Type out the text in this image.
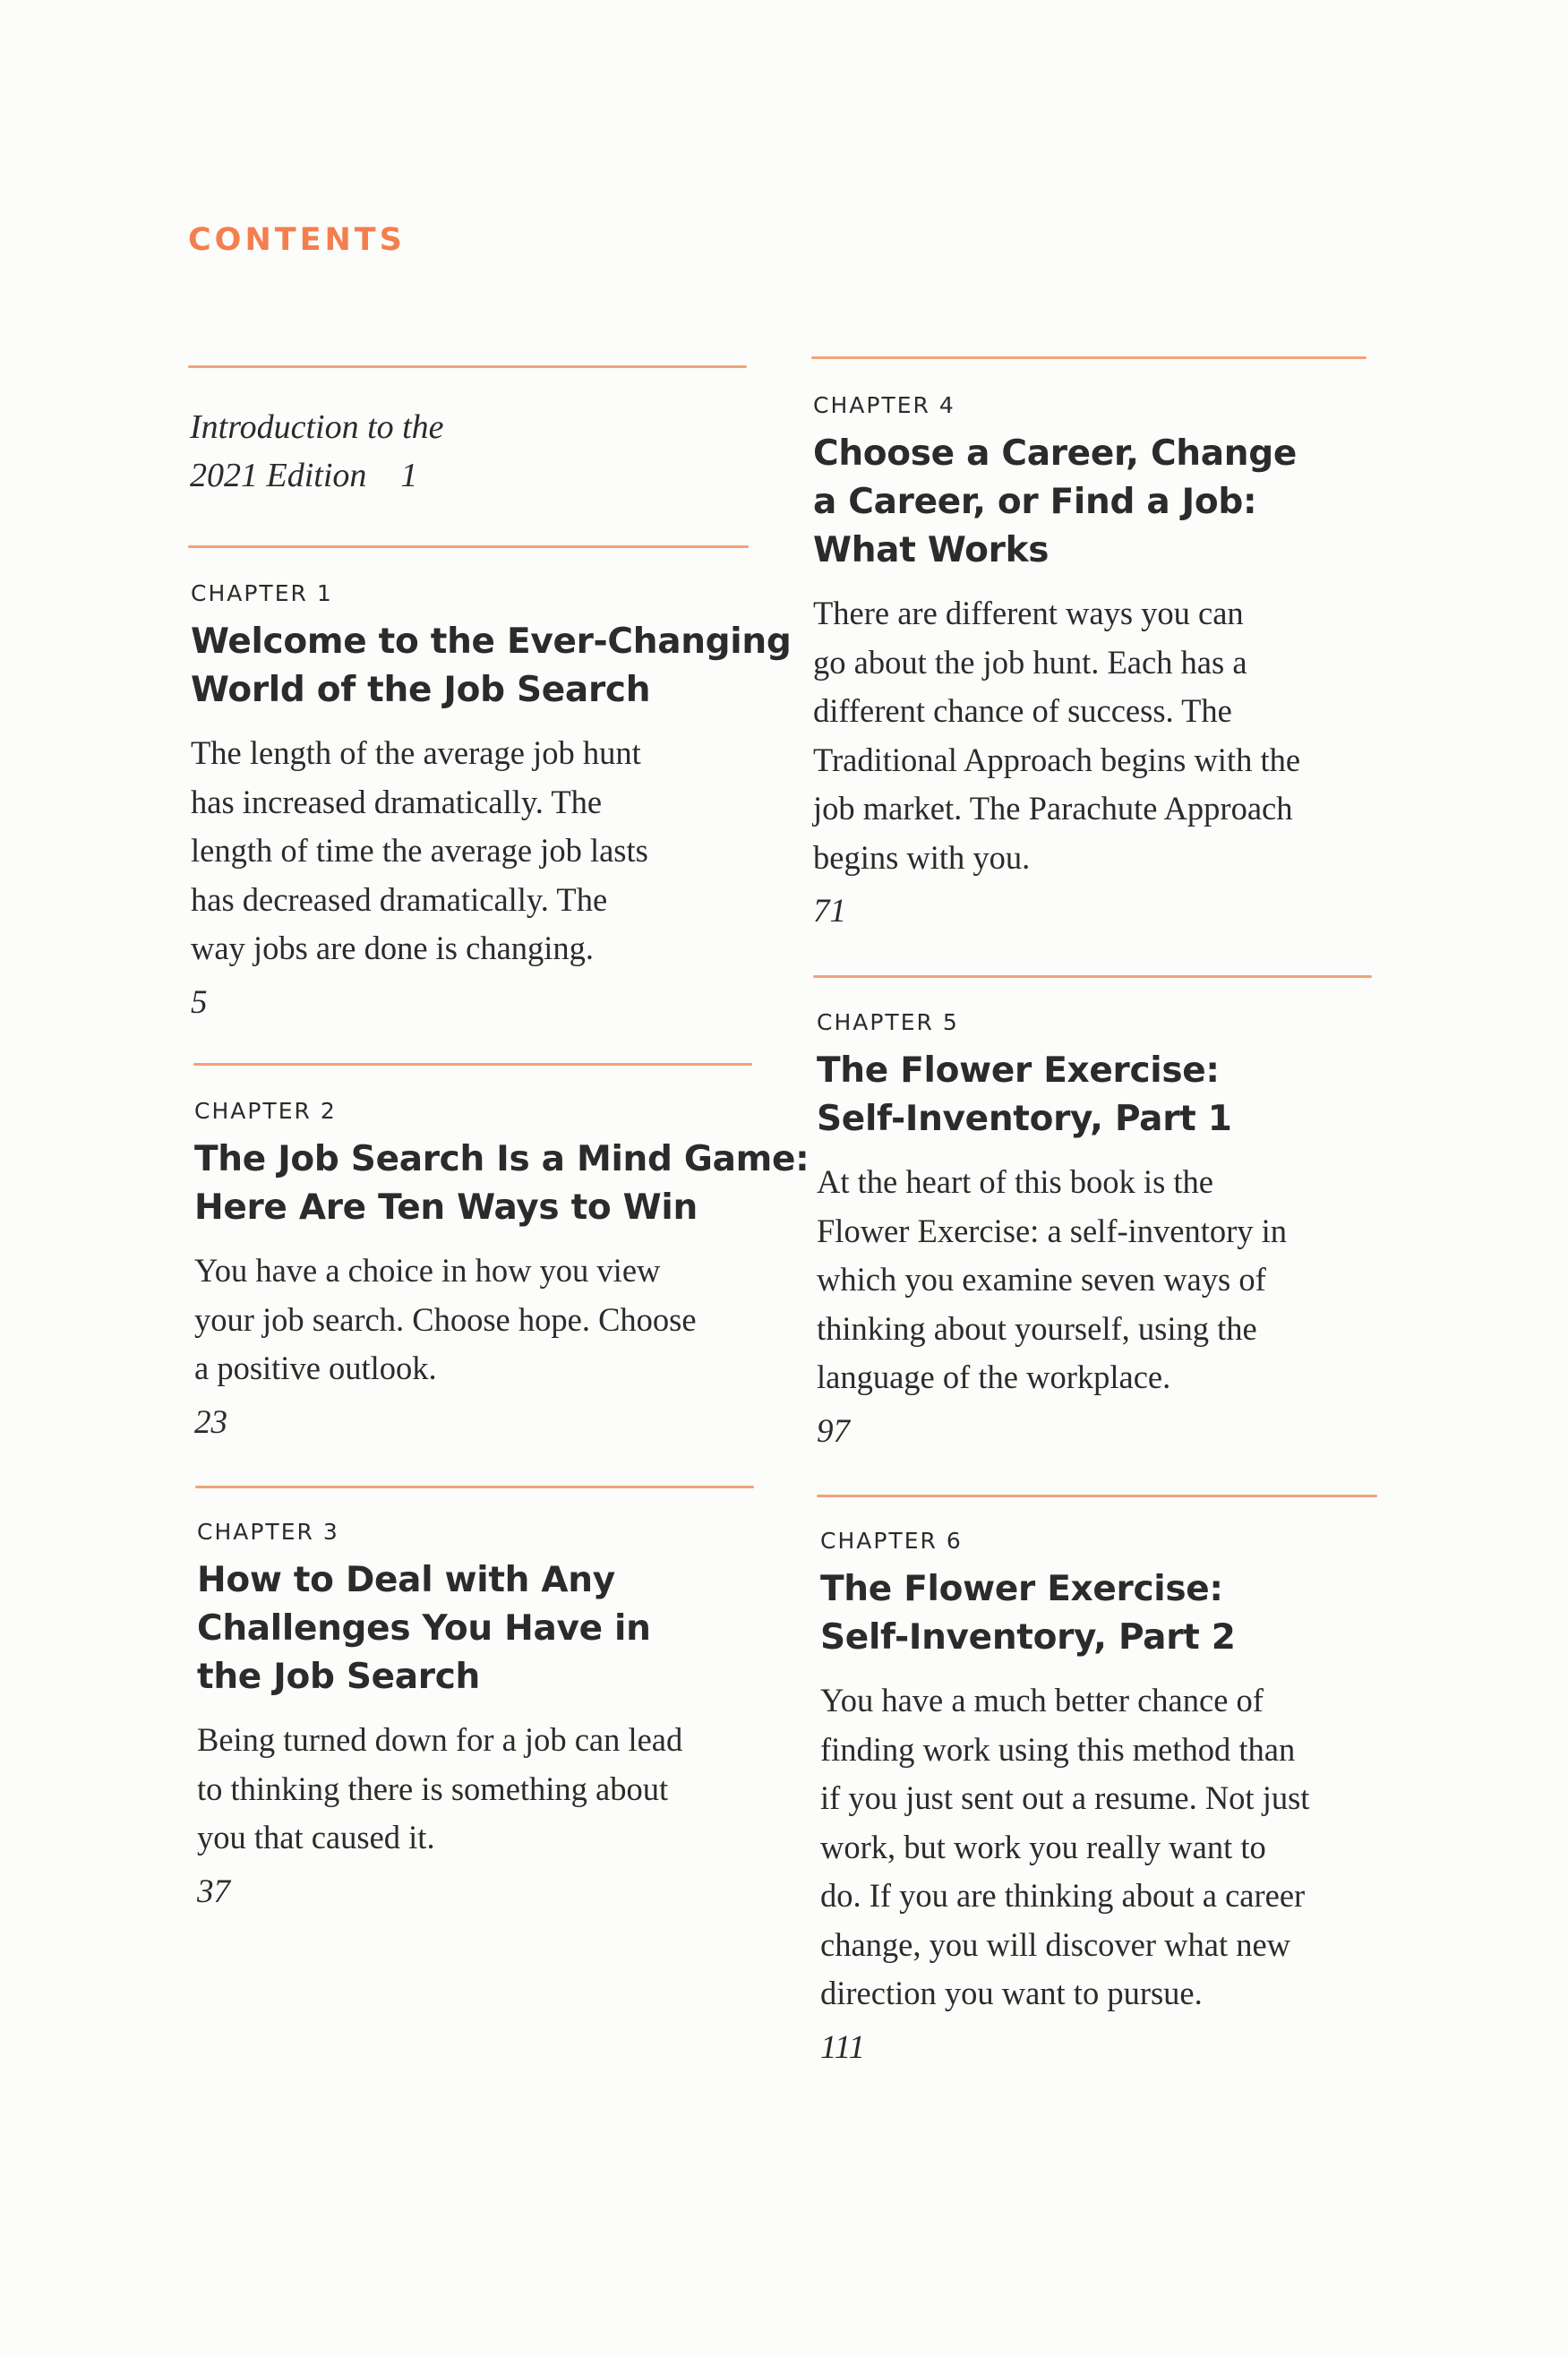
CONTENTS
Introduction to the
2021 Edition 1
CHAPTER 1
Welcome to the Ever-Changing
World of the Job Search
The length of the average job hunt
has increased dramatically. The
length of time the average job lasts
has decreased dramatically. The
way jobs are done is changing.
5
CHAPTER 2
The Job Search Is a Mind Game:
Here Are Ten Ways to Win
You have a choice in how you view
your job search. Choose hope. Choose
a positive outlook.
23
CHAPTER 3
How to Deal with Any
Challenges You Have in
the Job Search
Being turned down for a job can lead
to thinking there is something about
you that caused it.
37
CHAPTER 4
Choose a Career, Change
a Career, or Find a Job:
What Works
There are different ways you can
go about the job hunt. Each has a
different chance of success. The
Traditional Approach begins with the
job market. The Parachute Approach
begins with you.
71
CHAPTER 5
The Flower Exercise:
Self-Inventory, Part 1
At the heart of this book is the
Flower Exercise: a self-inventory in
which you examine seven ways of
thinking about yourself, using the
language of the workplace.
97
CHAPTER 6
The Flower Exercise:
Self-Inventory, Part 2
You have a much better chance of
finding work using this method than
if you just sent out a resume. Not just
work, but work you really want to
do. If you are thinking about a career
change, you will discover what new
direction you want to pursue.
111
